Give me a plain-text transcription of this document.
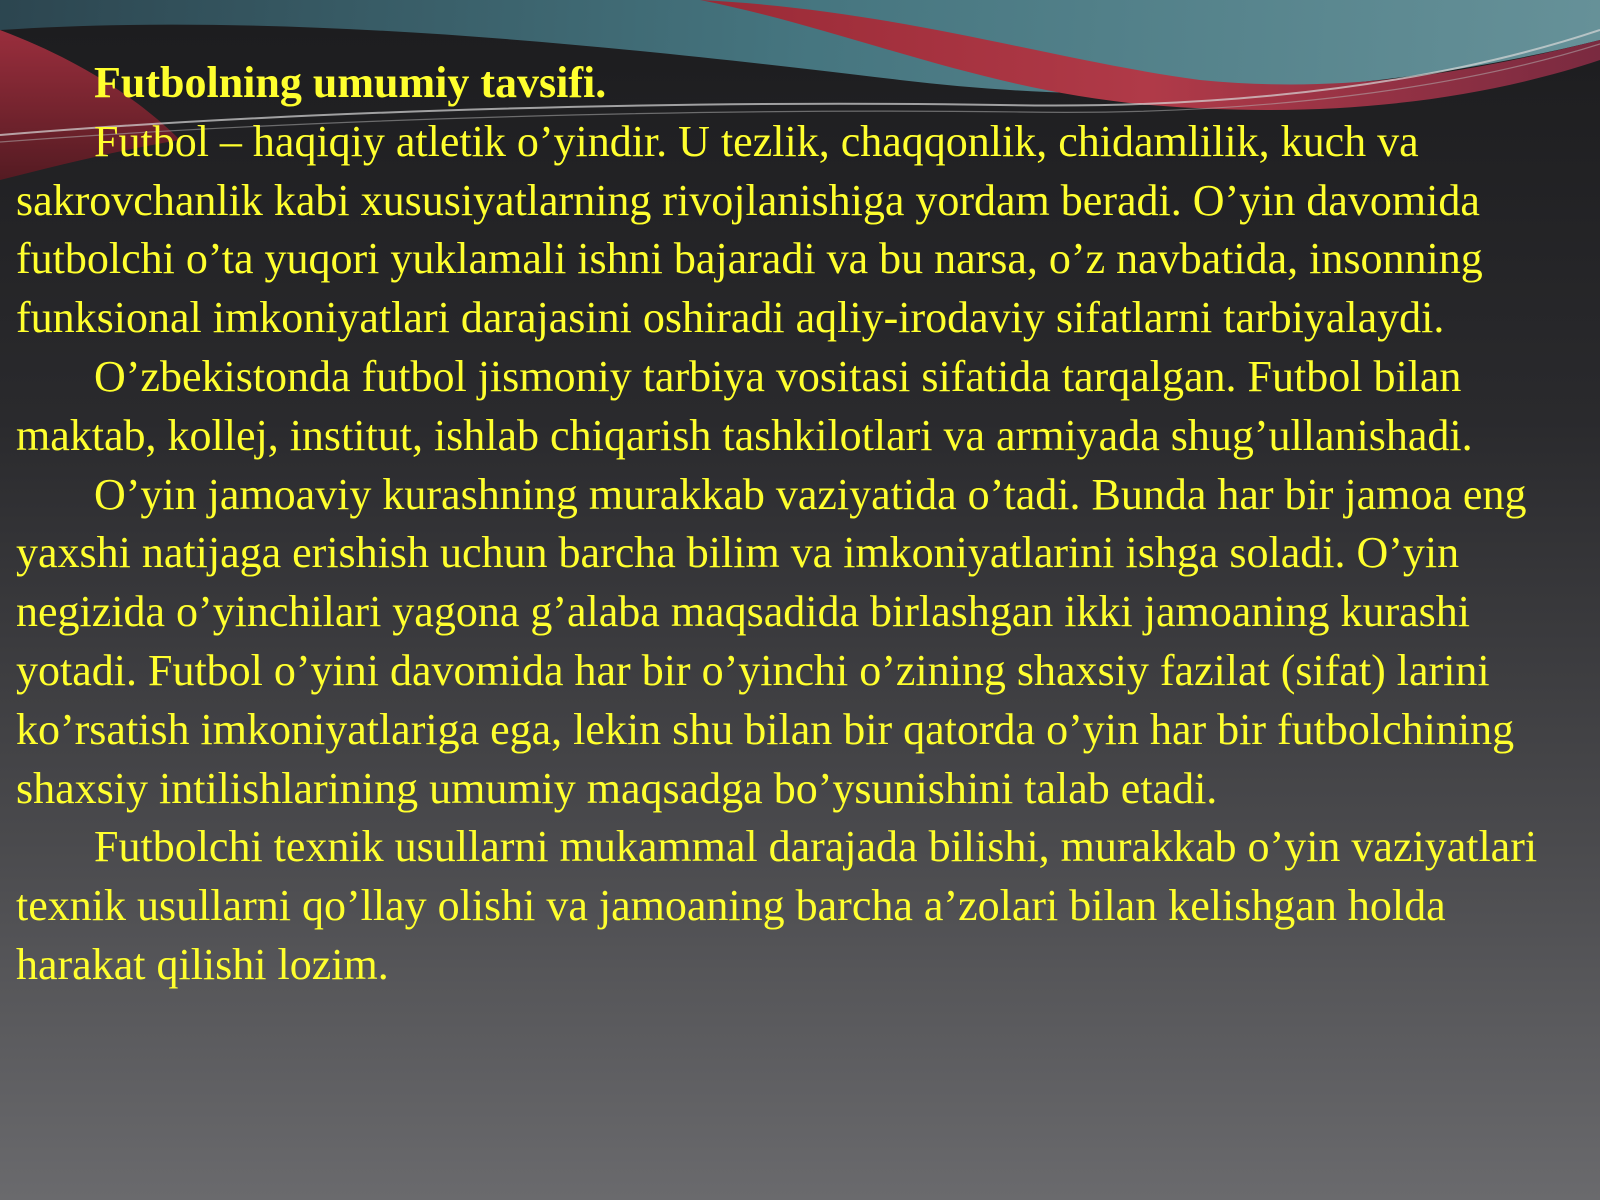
Futbolning umumiy tavsifi.

Futbol – haqiqiy atletik o’yindir. U tezlik, chaqqonlik, chidamlilik, kuch va sakrovchanlik kabi xususiyatlarning rivojlanishiga yordam beradi. O’yin davomida futbolchi o’ta yuqori yuklamali ishni bajaradi va bu narsa, o’z navbatida, insonning funksional imkoniyatlari darajasini oshiradi aqliy-irodaviy sifatlarni tarbiyalaydi.

O’zbekistonda futbol jismoniy tarbiya vositasi sifatida tarqalgan. Futbol bilan maktab, kollej, institut, ishlab chiqarish tashkilotlari va armiyada shug’ullanishadi.

O’yin jamoaviy kurashning murakkab vaziyatida o’tadi. Bunda har bir jamoa eng yaxshi natijaga erishish uchun barcha bilim va imkoniyatlarini ishga soladi. O’yin negizida o’yinchilari yagona g’alaba maqsadida birlashgan ikki jamoaning kurashi yotadi. Futbol o’yini davomida har bir o’yinchi o’zining shaxsiy fazilat (sifat) larini ko’rsatish imkoniyatlariga ega, lekin shu bilan bir qatorda o’yin har bir futbolchining shaxsiy intilishlarining umumiy maqsadga bo’ysunishini talab etadi.

Futbolchi texnik usullarni mukammal darajada bilishi, murakkab o’yin vaziyatlari texnik usullarni qo’llay olishi va jamoaning barcha a’zolari bilan kelishgan holda harakat qilishi lozim.
